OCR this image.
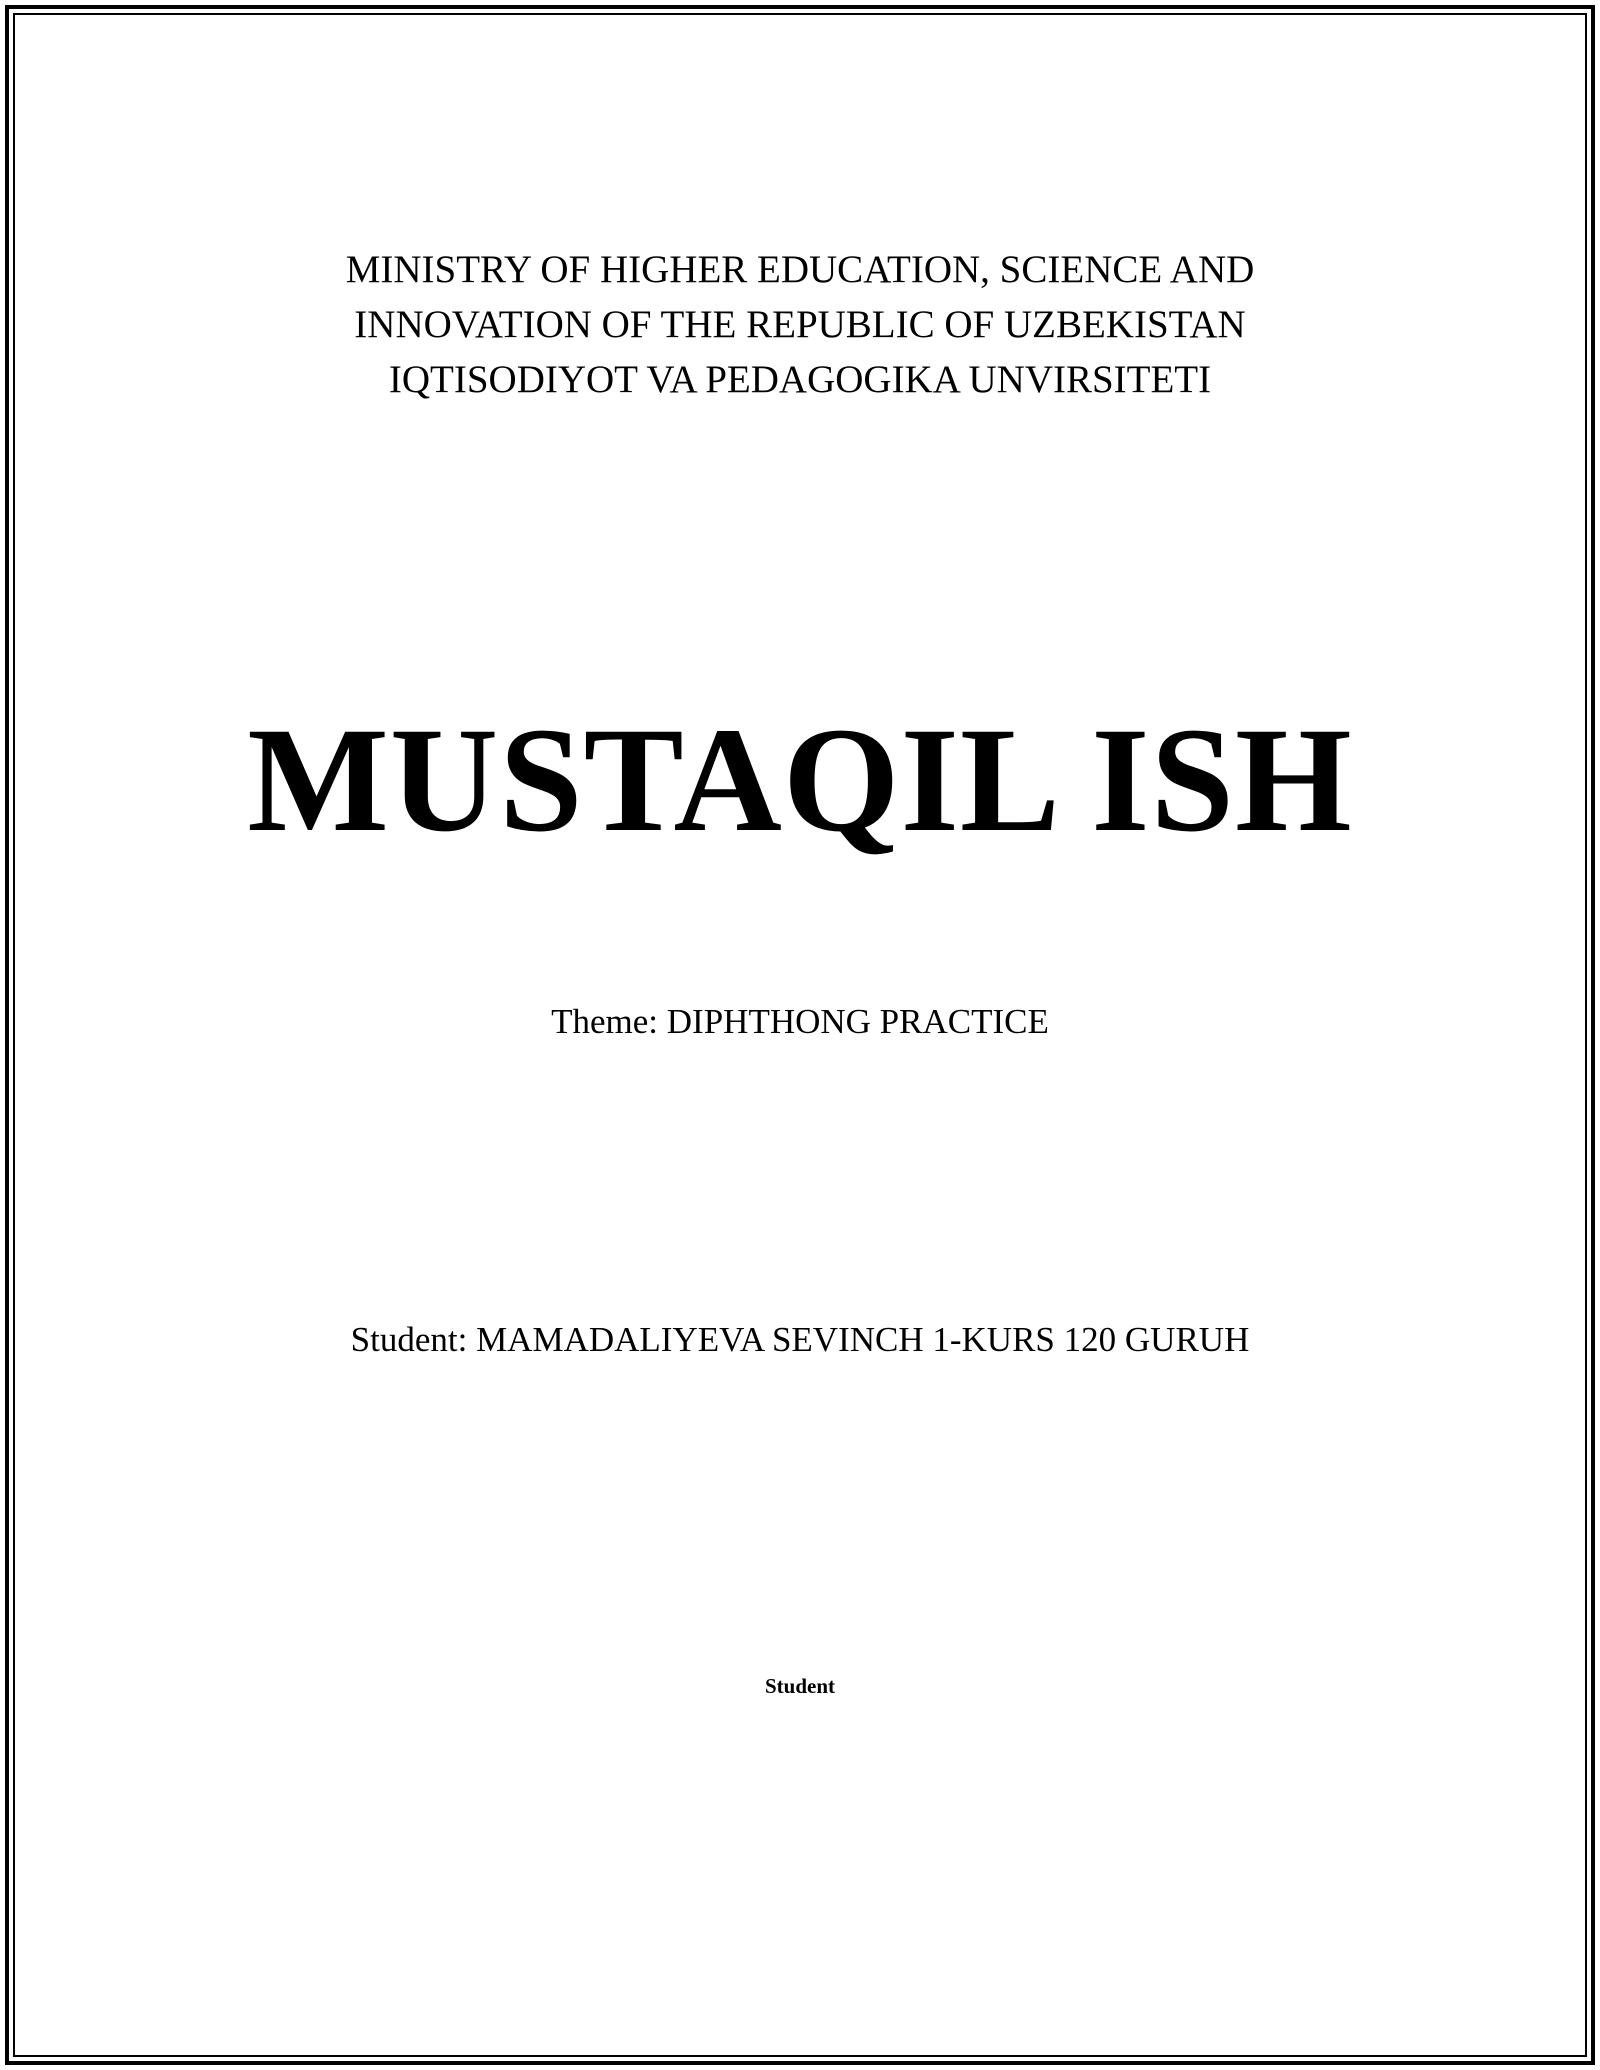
MINISTRY OF HIGHER EDUCATION, SCIENCE AND
INNOVATION OF THE REPUBLIC OF UZBEKISTAN
IQTISODIYOT VA PEDAGOGIKA UNVIRSITETI
MUSTAQIL ISH
Theme: DIPHTHONG PRACTICE
Student: MAMADALIYEVA SEVINCH 1-KURS 120 GURUH
Student
